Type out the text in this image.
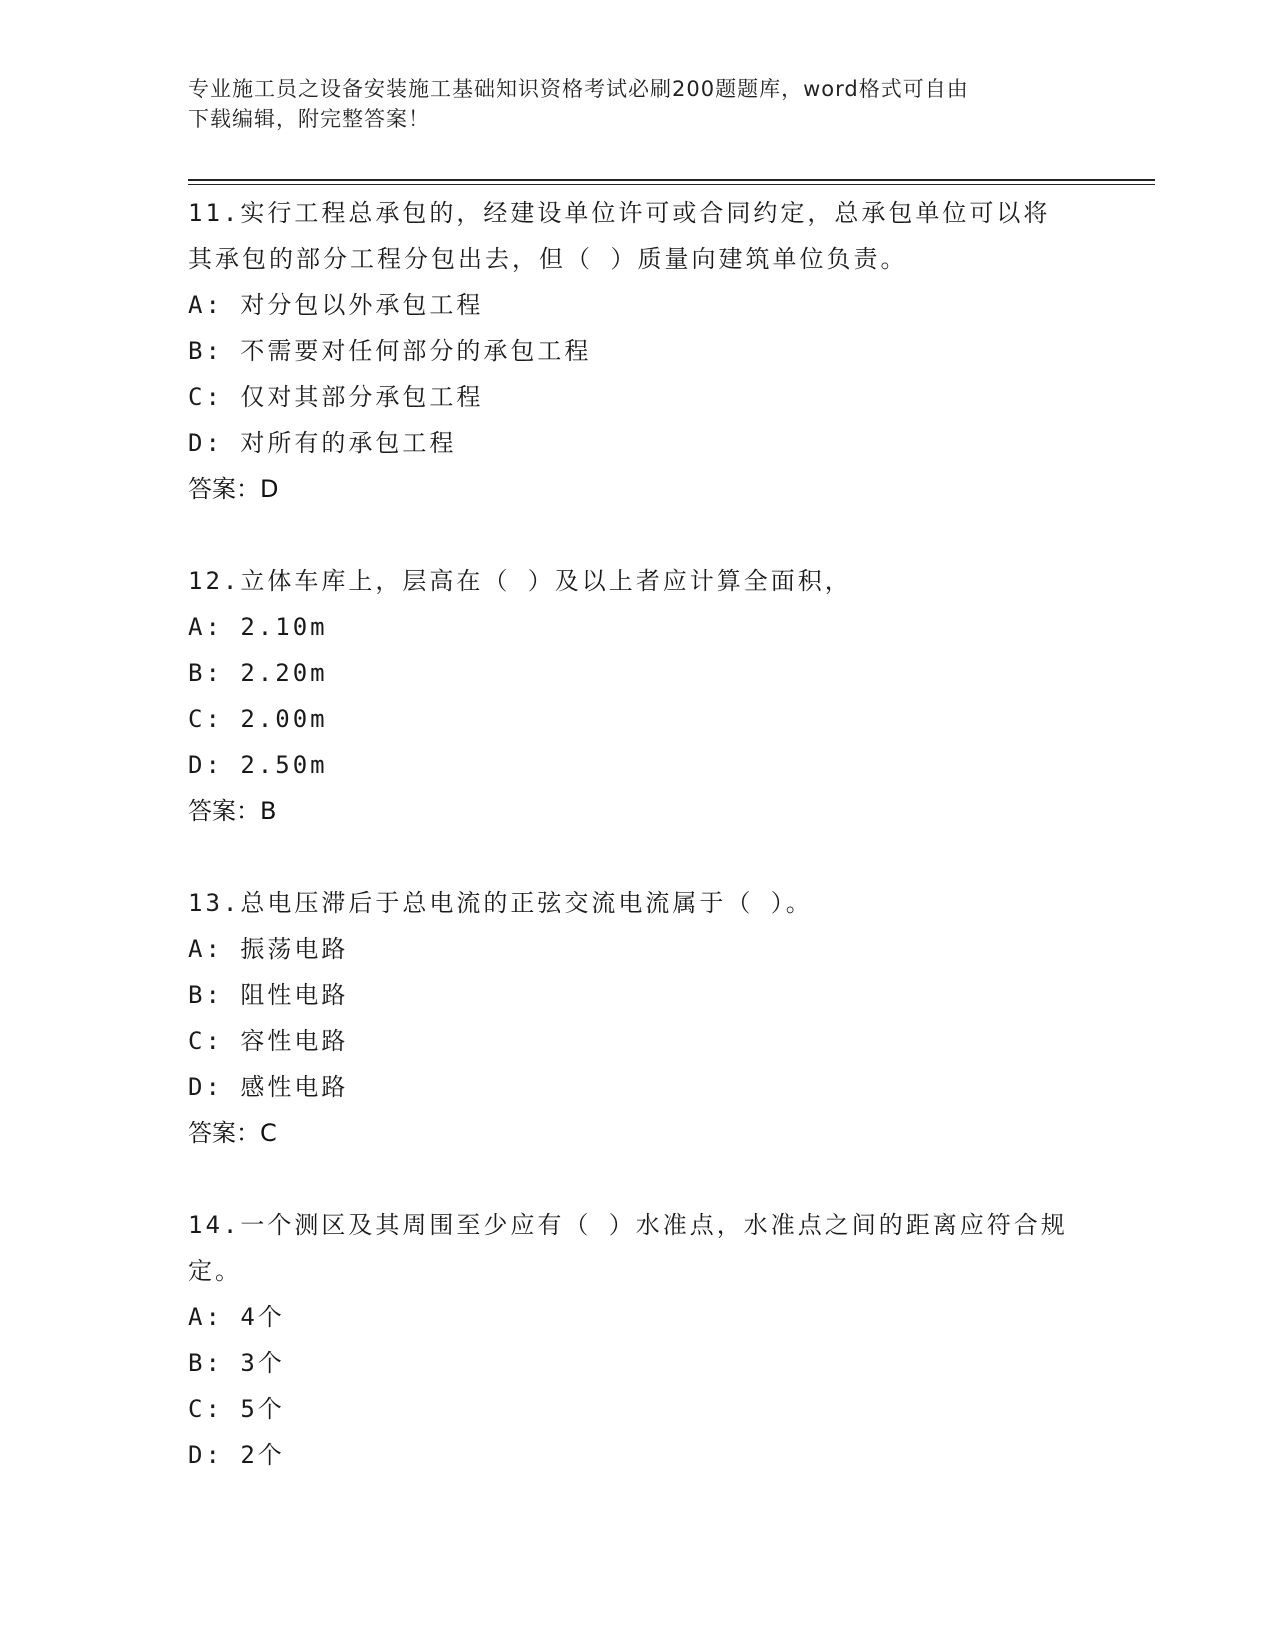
专业施工员之设备安装施工基础知识资格考试必刷200题题库，word格式可自由
下载编辑，附完整答案！
11.实行工程总承包的，经建设单位许可或合同约定，总承包单位可以将其承包的部分工程分包出去，但（ ）质量向建筑单位负责。
A: 对分包以外承包工程
B: 不需要对任何部分的承包工程
C: 仅对其部分承包工程
D: 对所有的承包工程
答案：D
12.立体车库上，层高在（ ）及以上者应计算全面积，
A: 2.10m
B: 2.20m
C: 2.00m
D: 2.50m
答案：B
13.总电压滞后于总电流的正弦交流电流属于（ ）。
A: 振荡电路
B: 阻性电路
C: 容性电路
D: 感性电路
答案：C
14.一个测区及其周围至少应有（ ）水准点，水准点之间的距离应符合规定。
A: 4个
B: 3个
C: 5个
D: 2个
